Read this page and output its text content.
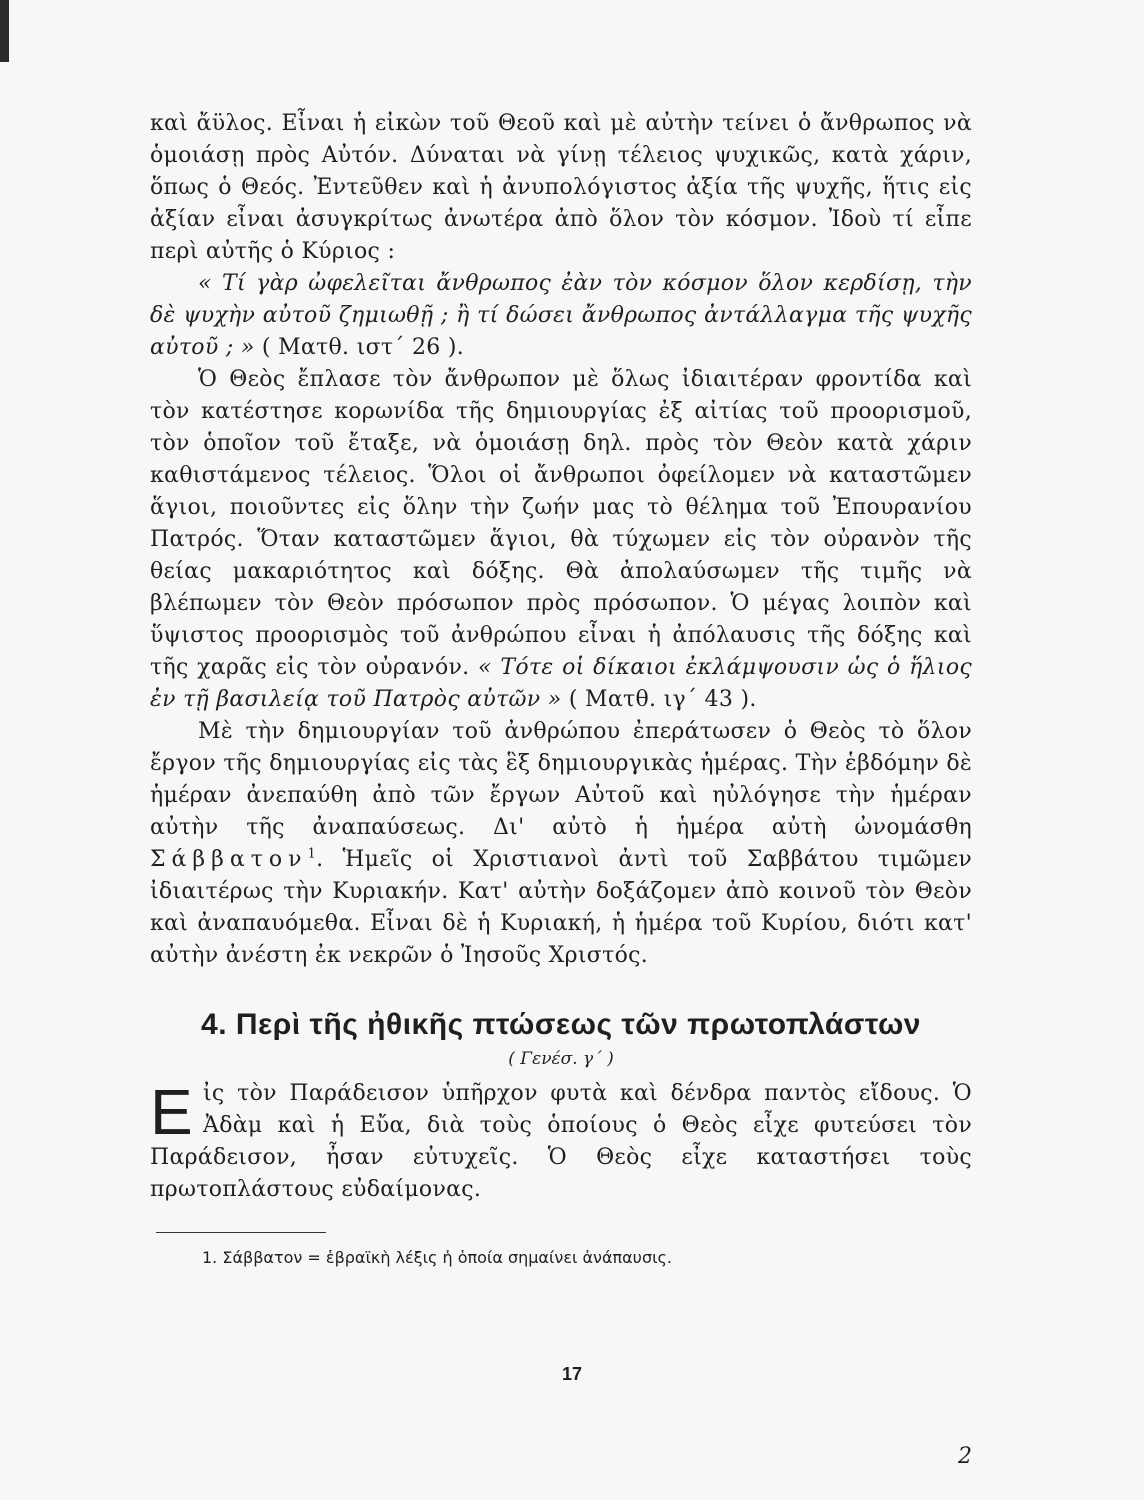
καὶ ἄϋλος. Εἶναι ἡ εἰκὼν τοῦ Θεοῦ καὶ μὲ αὐτὴν τείνει ὁ ἄνθρωπος νὰ ὁμοιάσῃ πρὸς Αὐτόν. Δύναται νὰ γίνῃ τέλειος ψυχικῶς, κατὰ χάριν, ὅπως ὁ Θεός. Ἐντεῦθεν καὶ ἡ ἀνυπολόγιστος ἀξία τῆς ψυχῆς, ἥτις εἰς ἀξίαν εἶναι ἀσυγκρίτως ἀνωτέρα ἀπὸ ὅλον τὸν κόσμον. Ἰδοὺ τί εἶπε περὶ αὐτῆς ὁ Κύριος :

« Τί γὰρ ὠφελεῖται ἄνθρωπος ἐὰν τὸν κόσμον ὅλον κερδίσῃ, τὴν δὲ ψυχὴν αὐτοῦ ζημιωθῇ ; ἢ τί δώσει ἄνθρωπος ἀντάλλαγμα τῆς ψυχῆς αὐτοῦ ; » ( Ματθ. ιστ΄ 26 ).

Ὁ Θεὸς ἔπλασε τὸν ἄνθρωπον μὲ ὅλως ἰδιαιτέραν φροντίδα καὶ τὸν κατέστησε κορωνίδα τῆς δημιουργίας ἐξ αἰτίας τοῦ προορισμοῦ, τὸν ὁποῖον τοῦ ἔταξε, νὰ ὁμοιάσῃ δηλ. πρὸς τὸν Θεὸν κατὰ χάριν καθιστάμενος τέλειος. Ὅλοι οἱ ἄνθρωποι ὀφείλομεν νὰ καταστῶμεν ἅγιοι, ποιοῦντες εἰς ὅλην τὴν ζωήν μας τὸ θέλημα τοῦ Ἐπουρανίου Πατρός. Ὅταν καταστῶμεν ἅγιοι, θὰ τύχωμεν εἰς τὸν οὐρανὸν τῆς θείας μακαριότητος καὶ δόξης. Θὰ ἀπολαύσωμεν τῆς τιμῆς νὰ βλέπωμεν τὸν Θεὸν πρόσωπον πρὸς πρόσωπον. Ὁ μέγας λοιπὸν καὶ ὕψιστος προορισμὸς τοῦ ἀνθρώπου εἶναι ἡ ἀπόλαυσις τῆς δόξης καὶ τῆς χαρᾶς εἰς τὸν οὐρανόν. « Τότε οἱ δίκαιοι ἐκλάμψουσιν ὡς ὁ ἥλιος ἐν τῇ βασιλείᾳ τοῦ Πατρὸς αὐτῶν » ( Ματθ. ιγ΄ 43 ).

Μὲ τὴν δημιουργίαν τοῦ ἀνθρώπου ἐπεράτωσεν ὁ Θεὸς τὸ ὅλον ἔργον τῆς δημιουργίας εἰς τὰς ἓξ δημιουργικὰς ἡμέρας. Τὴν ἑβδόμην δὲ ἡμέραν ἀνεπαύθη ἀπὸ τῶν ἔργων Αὐτοῦ καὶ ηὐλόγησε τὴν ἡμέραν αὐτὴν τῆς ἀναπαύσεως. Δι' αὐτὸ ἡ ἡμέρα αὐτὴ ὠνομάσθη Σάββατον$^1$. Ἡμεῖς οἱ Χριστιανοὶ ἀντὶ τοῦ Σαββάτου τιμῶμεν ἰδιαιτέρως τὴν Κυριακήν. Κατ' αὐτὴν δοξάζομεν ἀπὸ κοινοῦ τὸν Θεὸν καὶ ἀναπαυόμεθα. Εἶναι δὲ ἡ Κυριακή, ἡ ἡμέρα τοῦ Κυρίου, διότι κατ' αὐτὴν ἀνέστη ἐκ νεκρῶν ὁ Ἰησοῦς Χριστός.

4. Περὶ τῆς ἠθικῆς πτώσεως τῶν πρωτοπλάστων
( Γενέσ. γ΄ )

Εἰς τὸν Παράδεισον ὑπῆρχον φυτὰ καὶ δένδρα παντὸς εἴδους. Ὁ Ἀδὰμ καὶ ἡ Εὔα, διὰ τοὺς ὁποίους ὁ Θεὸς εἶχε φυτεύσει τὸν Παράδεισον, ἦσαν εὐτυχεῖς. Ὁ Θεὸς εἶχε καταστήσει τοὺς πρωτοπλάστους εὐδαίμονας.

1. Σάββατον = ἑβραϊκὴ λέξις ἡ ὁποία σημαίνει ἀνάπαυσις.
17
2
